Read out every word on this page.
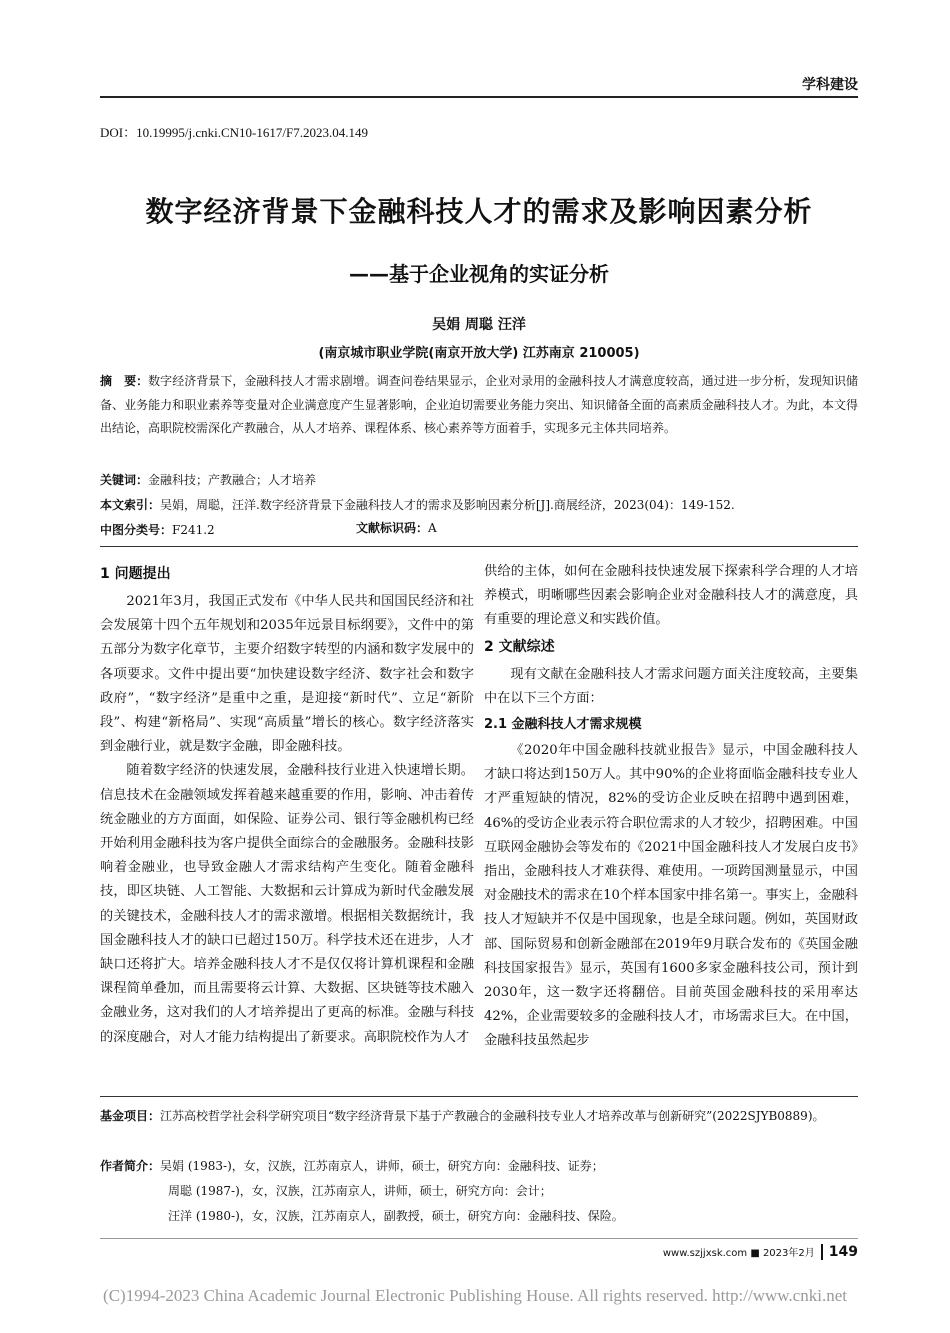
学科建设
DOI：10.19995/j.cnki.CN10-1617/F7.2023.04.149
数字经济背景下金融科技人才的需求及影响因素分析
——基于企业视角的实证分析
吴娟 周聪 汪洋
(南京城市职业学院(南京开放大学) 江苏南京 210005)
摘　要：数字经济背景下，金融科技人才需求剧增。调查问卷结果显示，企业对录用的金融科技人才满意度较高，通过进一步分析，发现知识储备、业务能力和职业素养等变量对企业满意度产生显著影响，企业迫切需要业务能力突出、知识储备全面的高素质金融科技人才。为此，本文得出结论，高职院校需深化产教融合，从人才培养、课程体系、核心素养等方面着手，实现多元主体共同培养。
关键词：金融科技；产教融合；人才培养
本文索引：吴娟，周聪，汪洋.数字经济背景下金融科技人才的需求及影响因素分析[J].商展经济，2023(04)：149-152.
中图分类号：F241.2	文献标识码：A
1 问题提出

2021年3月，我国正式发布《中华人民共和国国民经济和社会发展第十四个五年规划和2035年远景目标纲要》，文件中的第五部分为数字化章节，主要介绍数字转型的内涵和数字发展中的各项要求。文件中提出要“加快建设数字经济、数字社会和数字政府”，“数字经济”是重中之重，是迎接“新时代”、立足“新阶段”、构建“新格局”、实现“高质量”增长的核心。数字经济落实到金融行业，就是数字金融，即金融科技。

随着数字经济的快速发展，金融科技行业进入快速增长期。信息技术在金融领域发挥着越来越重要的作用，影响、冲击着传统金融业的方方面面，如保险、证券公司、银行等金融机构已经开始利用金融科技为客户提供全面综合的金融服务。金融科技影响着金融业，也导致金融人才需求结构产生变化。随着金融科技，即区块链、人工智能、大数据和云计算成为新时代金融发展的关键技术，金融科技人才的需求激增。根据相关数据统计，我国金融科技人才的缺口已超过150万。科学技术还在进步，人才缺口还将扩大。培养金融科技人才不是仅仅将计算机课程和金融课程简单叠加，而且需要将云计算、大数据、区块链等技术融入金融业务，这对我们的人才培养提出了更高的标准。金融与科技的深度融合，对人才能力结构提出了新要求。高职院校作为人才

供给的主体，如何在金融科技快速发展下探索科学合理的人才培养模式，明晰哪些因素会影响企业对金融科技人才的满意度，具有重要的理论意义和实践价值。

2 文献综述

现有文献在金融科技人才需求问题方面关注度较高，主要集中在以下三个方面：

2.1 金融科技人才需求规模

《2020年中国金融科技就业报告》显示，中国金融科技人才缺口将达到150万人。其中90%的企业将面临金融科技专业人才严重短缺的情况，82%的受访企业反映在招聘中遇到困难，46%的受访企业表示符合职位需求的人才较少，招聘困难。中国互联网金融协会等发布的《2021中国金融科技人才发展白皮书》指出，金融科技人才难获得、难使用。一项跨国测量显示，中国对金融技术的需求在10个样本国家中排名第一。事实上，金融科技人才短缺并不仅是中国现象，也是全球问题。例如，英国财政部、国际贸易和创新金融部在2019年9月联合发布的《英国金融科技国家报告》显示，英国有1600多家金融科技公司，预计到2030年，这一数字还将翻倍。目前英国金融科技的采用率达42%，企业需要较多的金融科技人才，市场需求巨大。在中国，金融科技虽然起步

基金项目：江苏高校哲学社会科学研究项目“数字经济背景下基于产教融合的金融科技专业人才培养改革与创新研究”(2022SJYB0889)。
作者简介：吴娟 (1983-)，女，汉族，江苏南京人，讲师，硕士，研究方向：金融科技、证券；
周聪 (1987-)，女，汉族，江苏南京人，讲师，硕士，研究方向：会计；
汪洋 (1980-)，女，汉族，江苏南京人，副教授，硕士，研究方向：金融科技、保险。
www.szjjxsk.com ■ 2023年2月 149
(C)1994-2023 China Academic Journal Electronic Publishing House. All rights reserved. http://www.cnki.net
